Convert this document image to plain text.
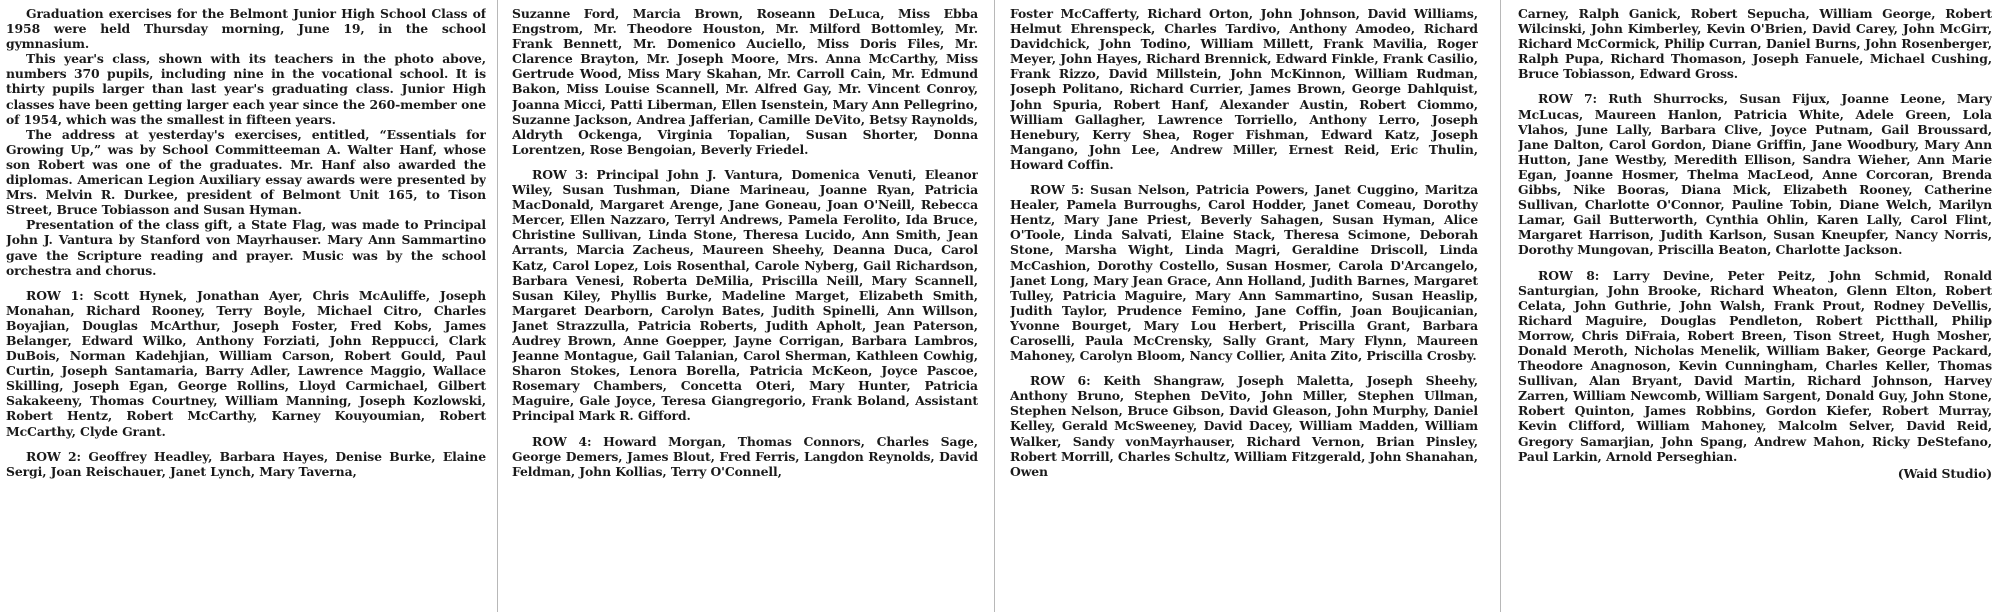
Graduation exercises for the Belmont Junior High School Class of 1958 were held Thursday morning, June 19, in the school gymnasium.

This year's class, shown with its teachers in the photo above, numbers 370 pupils, including nine in the vocational school. It is thirty pupils larger than last year's graduating class. Junior High classes have been getting larger each year since the 260-member one of 1954, which was the smallest in fifteen years.

The address at yesterday's exercises, entitled, “Essentials for Growing Up,” was by School Committeeman A. Walter Hanf, whose son Robert was one of the graduates. Mr. Hanf also awarded the diplomas. American Legion Auxiliary essay awards were presented by Mrs. Melvin R. Durkee, president of Belmont Unit 165, to Tison Street, Bruce Tobiasson and Susan Hyman.

Presentation of the class gift, a State Flag, was made to Principal John J. Vantura by Stanford von Mayrhauser. Mary Ann Sammartino gave the Scripture reading and prayer. Music was by the school orchestra and chorus.

ROW 1: Scott Hynek, Jonathan Ayer, Chris McAuliffe, Joseph Monahan, Richard Rooney, Terry Boyle, Michael Citro, Charles Boyajian, Douglas McArthur, Joseph Foster, Fred Kobs, James Belanger, Edward Wilko, Anthony Forziati, John Reppucci, Clark DuBois, Norman Kadehjian, William Carson, Robert Gould, Paul Curtin, Joseph Santamaria, Barry Adler, Lawrence Maggio, Wallace Skilling, Joseph Egan, George Rollins, Lloyd Carmichael, Gilbert Sakakeeny, Thomas Courtney, William Manning, Joseph Kozlowski, Robert Hentz, Robert McCarthy, Karney Kouyoumian, Robert McCarthy, Clyde Grant.

ROW 2: Geoffrey Headley, Barbara Hayes, Denise Burke, Elaine Sergi, Joan Reischauer, Janet Lynch, Mary Taverna,

Suzanne Ford, Marcia Brown, Roseann DeLuca, Miss Ebba Engstrom, Mr. Theodore Houston, Mr. Milford Bottomley, Mr. Frank Bennett, Mr. Domenico Auciello, Miss Doris Files, Mr. Clarence Brayton, Mr. Joseph Moore, Mrs. Anna McCarthy, Miss Gertrude Wood, Miss Mary Skahan, Mr. Carroll Cain, Mr. Edmund Bakon, Miss Louise Scannell, Mr. Alfred Gay, Mr. Vincent Conroy, Joanna Micci, Patti Liberman, Ellen Isenstein, Mary Ann Pellegrino, Suzanne Jackson, Andrea Jafferian, Camille DeVito, Betsy Raynolds, Aldryth Ockenga, Virginia Topalian, Susan Shorter, Donna Lorentzen, Rose Bengoian, Beverly Friedel.

ROW 3: Principal John J. Vantura, Domenica Venuti, Eleanor Wiley, Susan Tushman, Diane Marineau, Joanne Ryan, Patricia MacDonald, Margaret Arenge, Jane Goneau, Joan O'Neill, Rebecca Mercer, Ellen Nazzaro, Terryl Andrews, Pamela Ferolito, Ida Bruce, Christine Sullivan, Linda Stone, Theresa Lucido, Ann Smith, Jean Arrants, Marcia Zacheus, Maureen Sheehy, Deanna Duca, Carol Katz, Carol Lopez, Lois Rosenthal, Carole Nyberg, Gail Richardson, Barbara Venesi, Roberta DeMilia, Priscilla Neill, Mary Scannell, Susan Kiley, Phyllis Burke, Madeline Marget, Elizabeth Smith, Margaret Dearborn, Carolyn Bates, Judith Spinelli, Ann Willson, Janet Strazzulla, Patricia Roberts, Judith Apholt, Jean Paterson, Audrey Brown, Anne Goepper, Jayne Corrigan, Barbara Lambros, Jeanne Montague, Gail Talanian, Carol Sherman, Kathleen Cowhig, Sharon Stokes, Lenora Borella, Patricia McKeon, Joyce Pascoe, Rosemary Chambers, Concetta Oteri, Mary Hunter, Patricia Maguire, Gale Joyce, Teresa Giangregorio, Frank Boland, Assistant Principal Mark R. Gifford.

ROW 4: Howard Morgan, Thomas Connors, Charles Sage, George Demers, James Blout, Fred Ferris, Langdon Reynolds, David Feldman, John Kollias, Terry O'Connell,

Foster McCafferty, Richard Orton, John Johnson, David Williams, Helmut Ehrenspeck, Charles Tardivo, Anthony Amodeo, Richard Davidchick, John Todino, William Millett, Frank Mavilia, Roger Meyer, John Hayes, Richard Brennick, Edward Finkle, Frank Casilio, Frank Rizzo, David Millstein, John McKinnon, William Rudman, Joseph Politano, Richard Currier, James Brown, George Dahlquist, John Spuria, Robert Hanf, Alexander Austin, Robert Ciommo, William Gallagher, Lawrence Torriello, Anthony Lerro, Joseph Henebury, Kerry Shea, Roger Fishman, Edward Katz, Joseph Mangano, John Lee, Andrew Miller, Ernest Reid, Eric Thulin, Howard Coffin.

ROW 5: Susan Nelson, Patricia Powers, Janet Cuggino, Maritza Healer, Pamela Burroughs, Carol Hodder, Janet Comeau, Dorothy Hentz, Mary Jane Priest, Beverly Sahagen, Susan Hyman, Alice O'Toole, Linda Salvati, Elaine Stack, Theresa Scimone, Deborah Stone, Marsha Wight, Linda Magri, Geraldine Driscoll, Linda McCashion, Dorothy Costello, Susan Hosmer, Carola D'Arcangelo, Janet Long, Mary Jean Grace, Ann Holland, Judith Barnes, Margaret Tulley, Patricia Maguire, Mary Ann Sammartino, Susan Heaslip, Judith Taylor, Prudence Femino, Jane Coffin, Joan Boujicanian, Yvonne Bourget, Mary Lou Herbert, Priscilla Grant, Barbara Caroselli, Paula McCrensky, Sally Grant, Mary Flynn, Maureen Mahoney, Carolyn Bloom, Nancy Collier, Anita Zito, Priscilla Crosby.

ROW 6: Keith Shangraw, Joseph Maletta, Joseph Sheehy, Anthony Bruno, Stephen DeVito, John Miller, Stephen Ullman, Stephen Nelson, Bruce Gibson, David Gleason, John Murphy, Daniel Kelley, Gerald McSweeney, David Dacey, William Madden, William Walker, Sandy vonMayrhauser, Richard Vernon, Brian Pinsley, Robert Morrill, Charles Schultz, William Fitzgerald, John Shanahan, Owen

Carney, Ralph Ganick, Robert Sepucha, William George, Robert Wilcinski, John Kimberley, Kevin O'Brien, David Carey, John McGirr, Richard McCormick, Philip Curran, Daniel Burns, John Rosenberger, Ralph Pupa, Richard Thomason, Joseph Fanuele, Michael Cushing, Bruce Tobiasson, Edward Gross.

ROW 7: Ruth Shurrocks, Susan Fijux, Joanne Leone, Mary McLucas, Maureen Hanlon, Patricia White, Adele Green, Lola Vlahos, June Lally, Barbara Clive, Joyce Putnam, Gail Broussard, Jane Dalton, Carol Gordon, Diane Griffin, Jane Woodbury, Mary Ann Hutton, Jane Westby, Meredith Ellison, Sandra Wieher, Ann Marie Egan, Joanne Hosmer, Thelma MacLeod, Anne Corcoran, Brenda Gibbs, Nike Booras, Diana Mick, Elizabeth Rooney, Catherine Sullivan, Charlotte O'Connor, Pauline Tobin, Diane Welch, Marilyn Lamar, Gail Butterworth, Cynthia Ohlin, Karen Lally, Carol Flint, Margaret Harrison, Judith Karlson, Susan Kneupfer, Nancy Norris, Dorothy Mungovan, Priscilla Beaton, Charlotte Jackson.

ROW 8: Larry Devine, Peter Peitz, John Schmid, Ronald Santurgian, John Brooke, Richard Wheaton, Glenn Elton, Robert Celata, John Guthrie, John Walsh, Frank Prout, Rodney DeVellis, Richard Maguire, Douglas Pendleton, Robert Pictthall, Philip Morrow, Chris DiFraia, Robert Breen, Tison Street, Hugh Mosher, Donald Meroth, Nicholas Menelik, William Baker, George Packard, Theodore Anagnoson, Kevin Cunningham, Charles Keller, Thomas Sullivan, Alan Bryant, David Martin, Richard Johnson, Harvey Zarren, William Newcomb, William Sargent, Donald Guy, John Stone, Robert Quinton, James Robbins, Gordon Kiefer, Robert Murray, Kevin Clifford, William Mahoney, Malcolm Selver, David Reid, Gregory Samarjian, John Spang, Andrew Mahon, Ricky DeStefano, Paul Larkin, Arnold Perseghian.

(Waid Studio)
